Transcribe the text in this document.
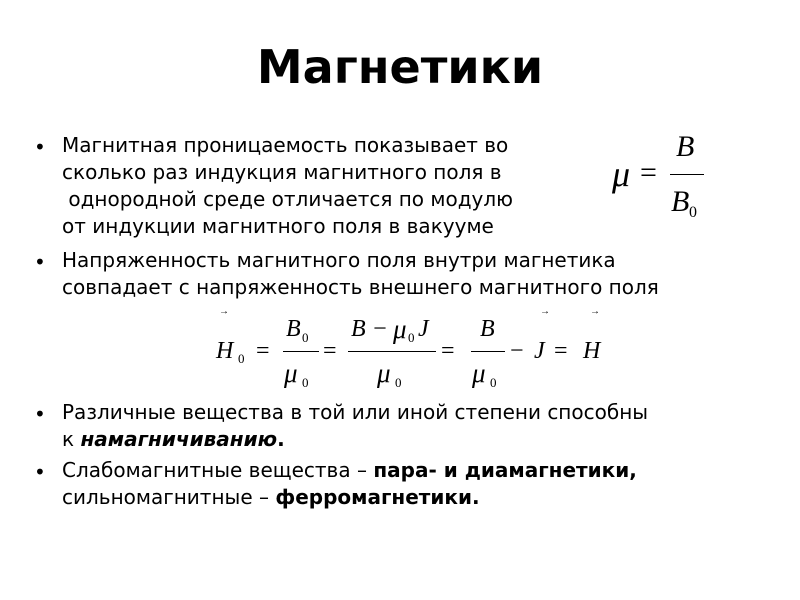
Магнетики
• Магнитная проницаемость показывает во
сколько раз индукция магнитного поля в
однородной среде отличается по модулю
от индукции магнитного поля в вакууме
μ =
B
B 0
• Напряженность магнитного поля внутри магнетика
совпадает с напряженность внешнего магнитного поля
→
H 0 =
B 0
μ 0
=
B − μ 0 J
μ 0
=
B
μ 0
−
→
J =
→
H
• Различные вещества в той или иной степени способны
к намагничиванию.
• Слабомагнитные вещества – пара- и диамагнетики,
сильномагнитные – ферромагнетики.
